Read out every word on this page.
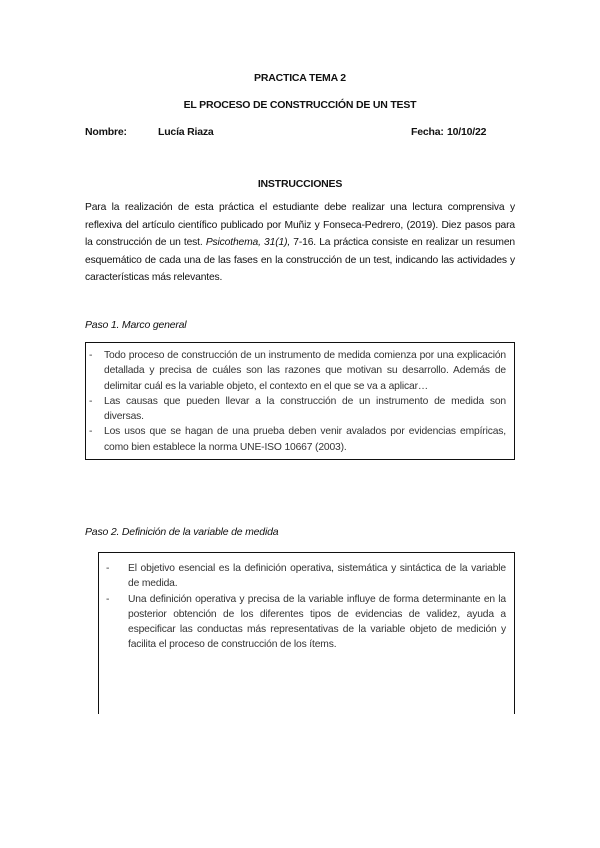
PRACTICA TEMA 2
EL PROCESO DE CONSTRUCCIÓN DE UN TEST
Nombre:	Lucía Riaza	Fecha: 10/10/22
INSTRUCCIONES
Para la realización de esta práctica el estudiante debe realizar una lectura comprensiva y reflexiva del artículo científico publicado por Muñiz y Fonseca-Pedrero, (2019). Diez pasos para la construcción de un test. Psicothema, 31(1), 7-16. La práctica consiste en realizar un resumen esquemático de cada una de las fases en la construcción de un test, indicando las actividades y características más relevantes.
Paso 1. Marco general
- Todo proceso de construcción de un instrumento de medida comienza por una explicación detallada y precisa de cuáles son las razones que motivan su desarrollo. Además de delimitar cuál es la variable objeto, el contexto en el que se va a aplicar…
- Las causas que pueden llevar a la construcción de un instrumento de medida son diversas.
- Los usos que se hagan de una prueba deben venir avalados por evidencias empíricas, como bien establece la norma UNE-ISO 10667 (2003).
Paso 2. Definición de la variable de medida
- El objetivo esencial es la definición operativa, sistemática y sintáctica de la variable de medida.
- Una definición operativa y precisa de la variable influye de forma determinante en la posterior obtención de los diferentes tipos de evidencias de validez, ayuda a especificar las conductas más representativas de la variable objeto de medición y facilita el proceso de construcción de los ítems.
